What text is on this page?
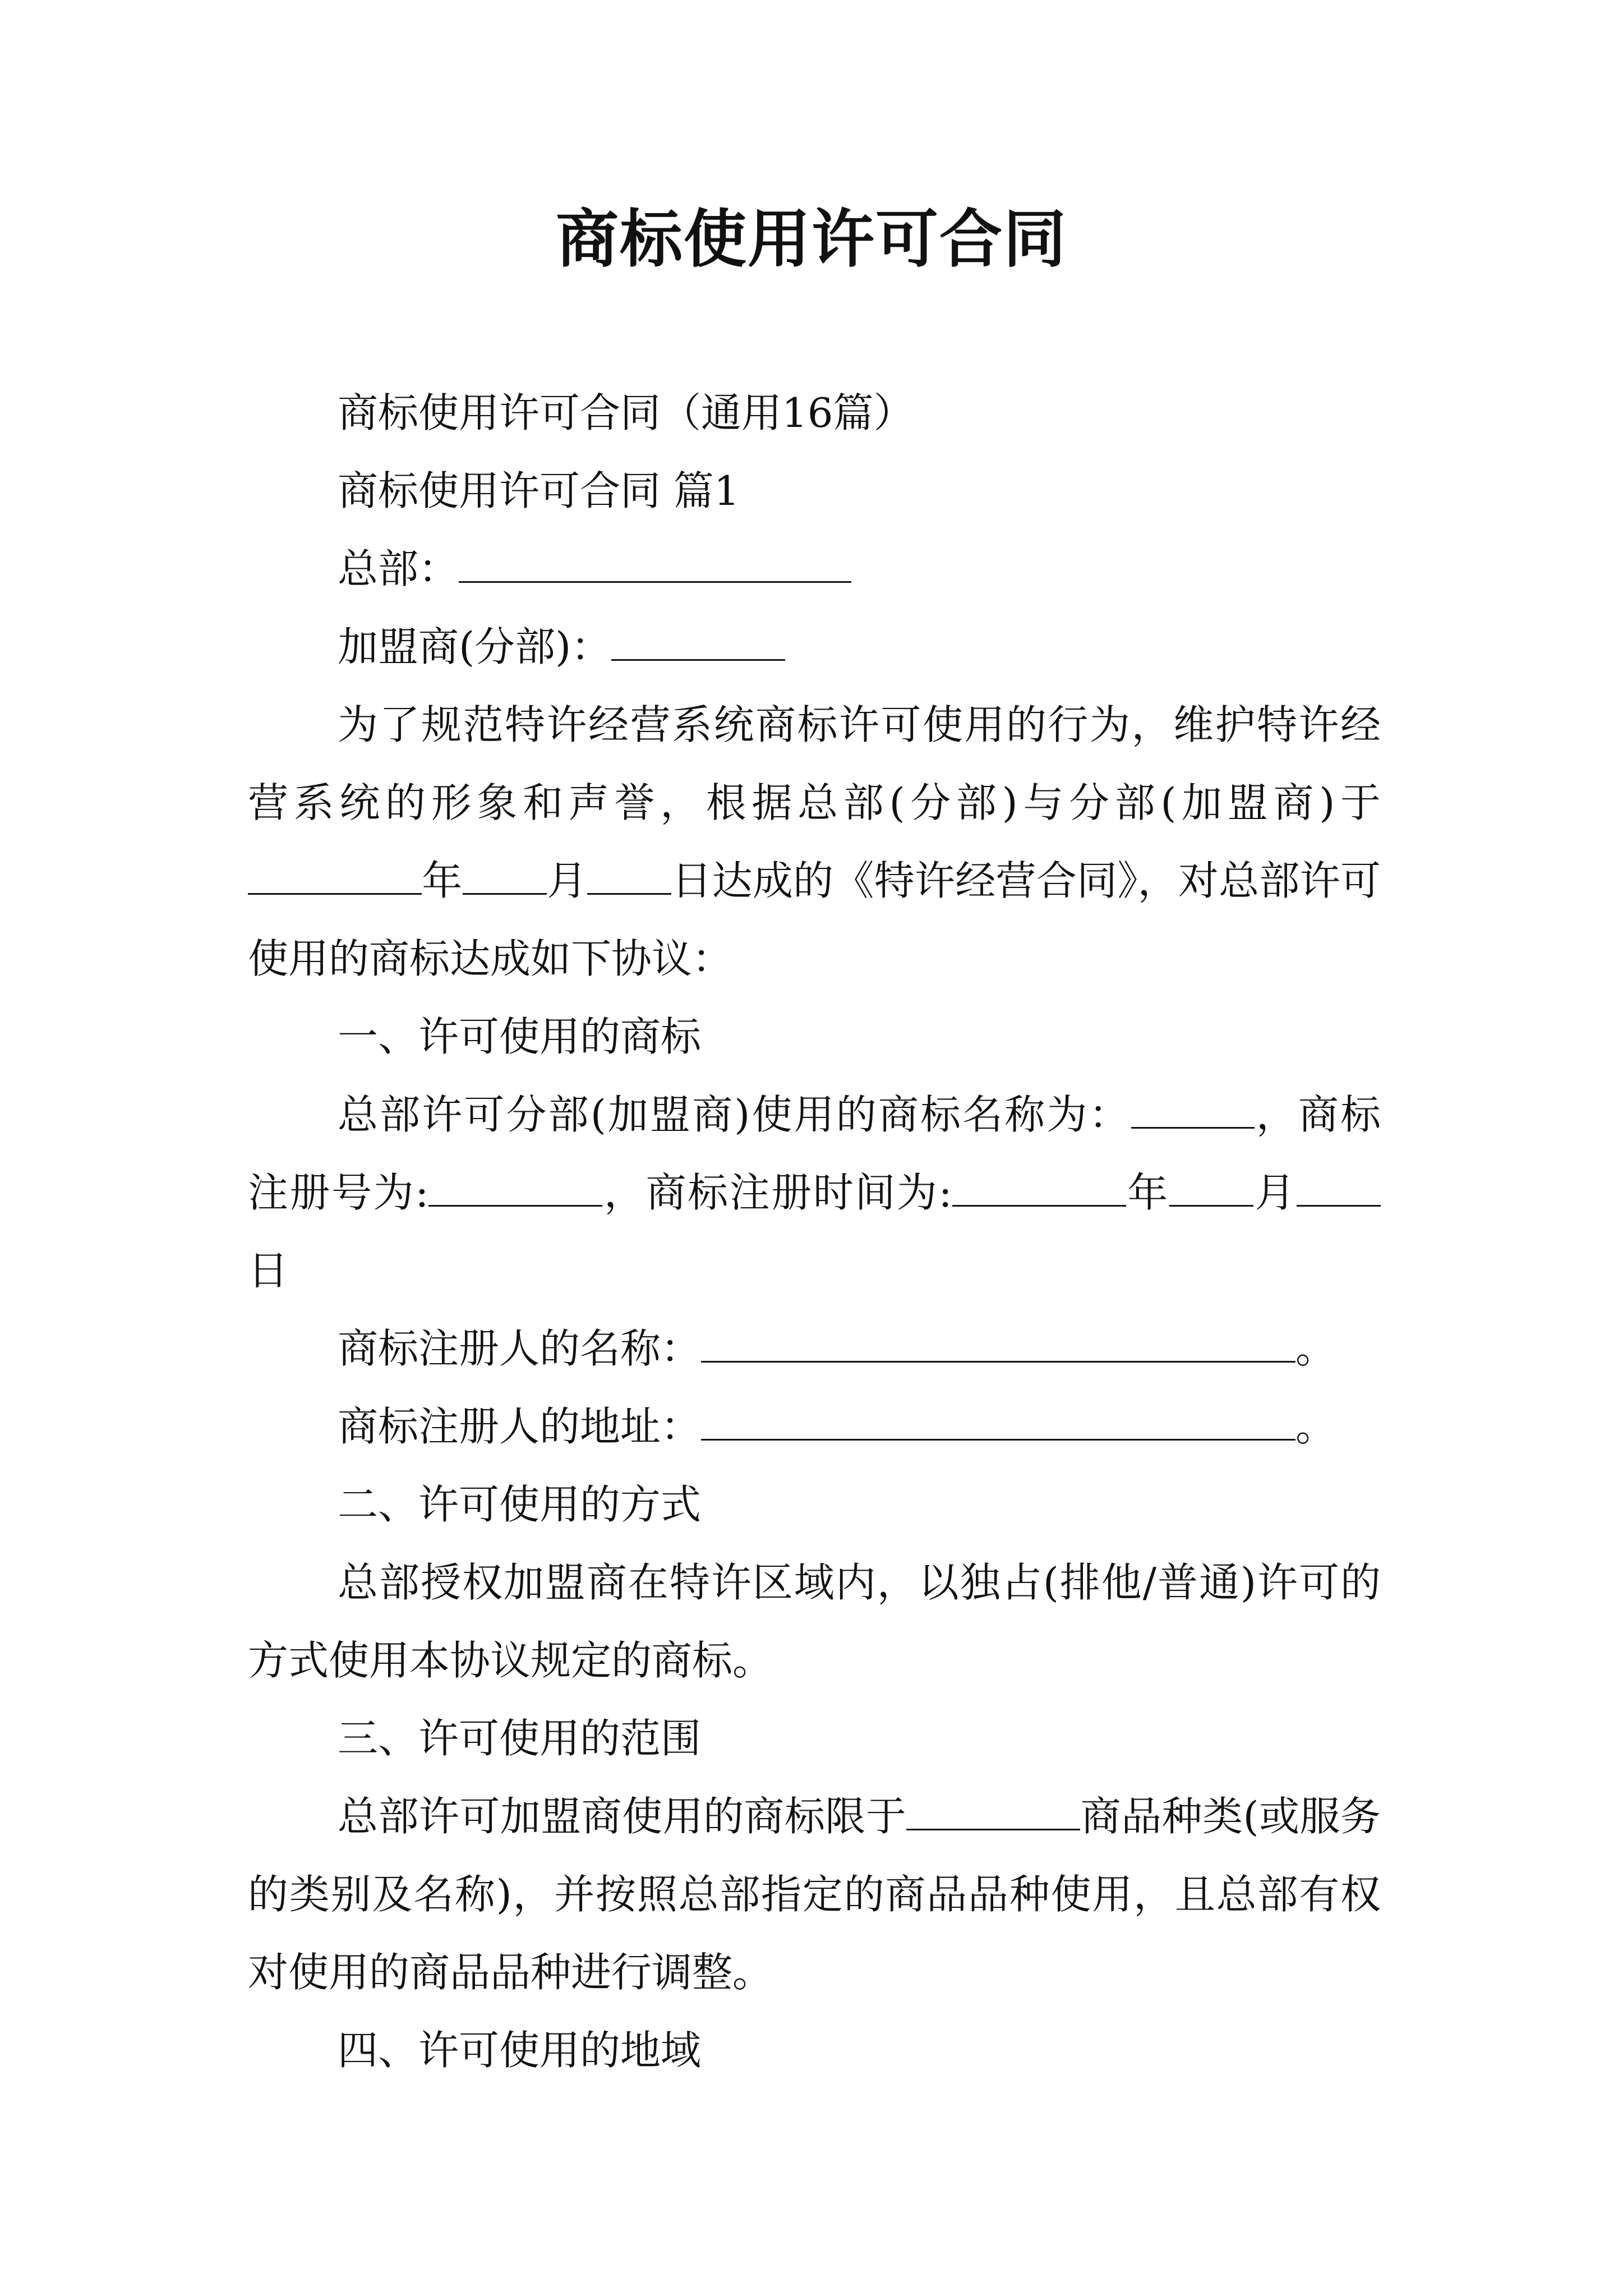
商标使用许可合同

商标使用许可合同（通用16篇）

商标使用许可合同 篇1

总部：

加盟商(分部)：

为了规范特许经营系统商标许可使用的行为，维护特许经营系统的形象和声誉，根据总部(分部)与分部(加盟商)于年 月 日达成的《特许经营合同》，对总部许可使用的商标达成如下协议：

一、许可使用的商标

总部许可分部(加盟商)使用的商标名称为：	，商标注册号为:	，商标注册时间为:	年 月日

商标注册人的名称：	。

商标注册人的地址：	。

二、许可使用的方式

总部授权加盟商在特许区域内，以独占(排他/普通)许可的方式使用本协议规定的商标。

三、许可使用的范围

总部许可加盟商使用的商标限于	商品种类(或服务的类别及名称)，并按照总部指定的商品品种使用，且总部有权对使用的商品品种进行调整。

四、许可使用的地域
